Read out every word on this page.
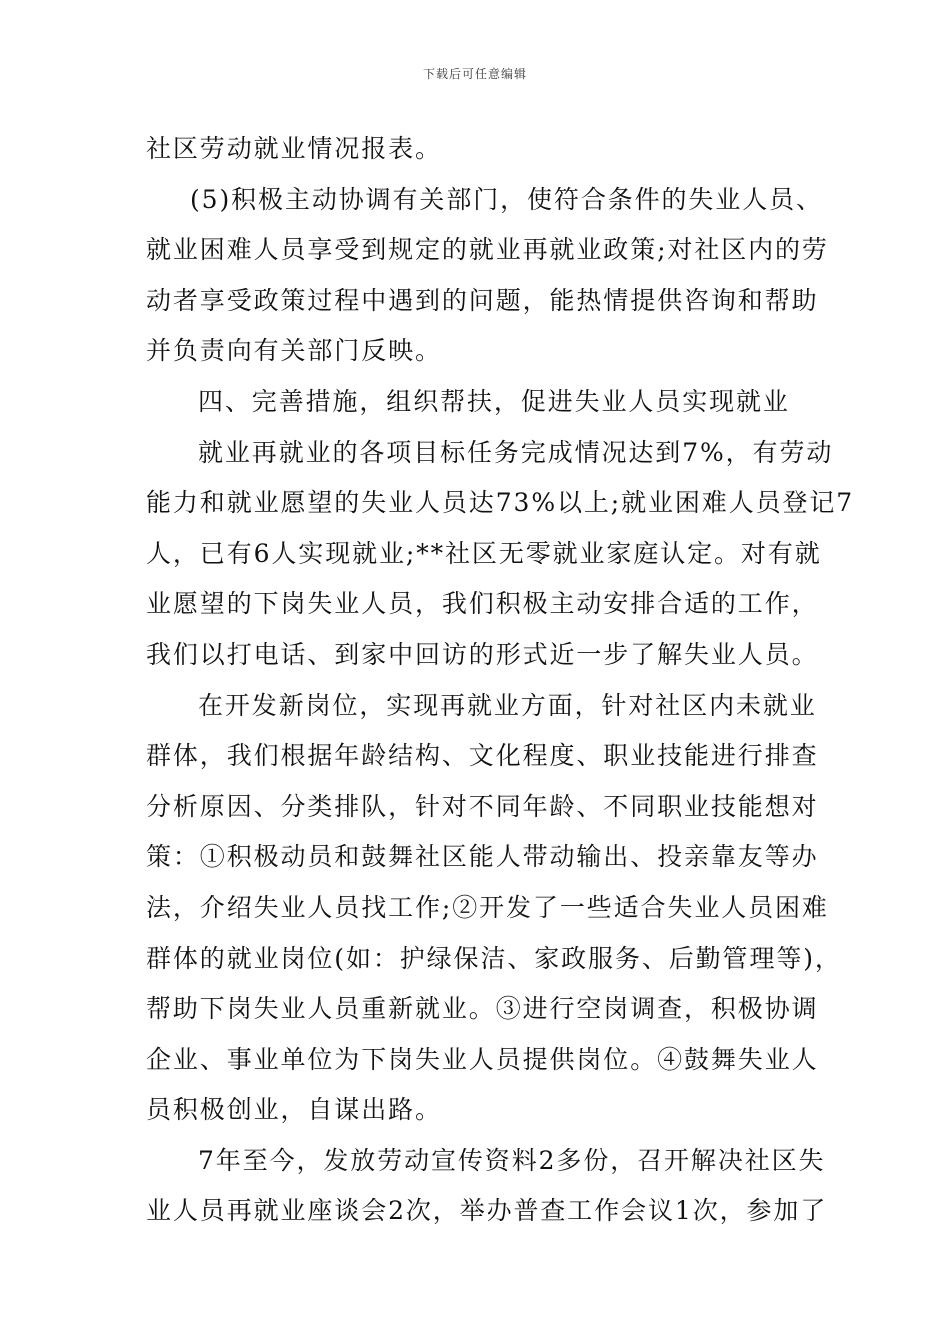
下载后可任意编辑
社区劳动就业情况报表。
(5)积极主动协调有关部门，使符合条件的失业人员、
就业困难人员享受到规定的就业再就业政策;对社区内的劳
动者享受政策过程中遇到的问题，能热情提供咨询和帮助
并负责向有关部门反映。
四、完善措施，组织帮扶，促进失业人员实现就业
就业再就业的各项目标任务完成情况达到7%，有劳动
能力和就业愿望的失业人员达73%以上;就业困难人员登记7
人，已有6人实现就业;**社区无零就业家庭认定。对有就
业愿望的下岗失业人员，我们积极主动安排合适的工作，
我们以打电话、到家中回访的形式近一步了解失业人员。
在开发新岗位，实现再就业方面，针对社区内未就业
群体，我们根据年龄结构、文化程度、职业技能进行排查
分析原因、分类排队，针对不同年龄、不同职业技能想对
策：①积极动员和鼓舞社区能人带动输出、投亲靠友等办
法，介绍失业人员找工作;②开发了一些适合失业人员困难
群体的就业岗位(如：护绿保洁、家政服务、后勤管理等)，
帮助下岗失业人员重新就业。③进行空岗调查，积极协调
企业、事业单位为下岗失业人员提供岗位。④鼓舞失业人
员积极创业，自谋出路。
7年至今，发放劳动宣传资料2多份，召开解决社区失
业人员再就业座谈会2次，举办普查工作会议1次，参加了
